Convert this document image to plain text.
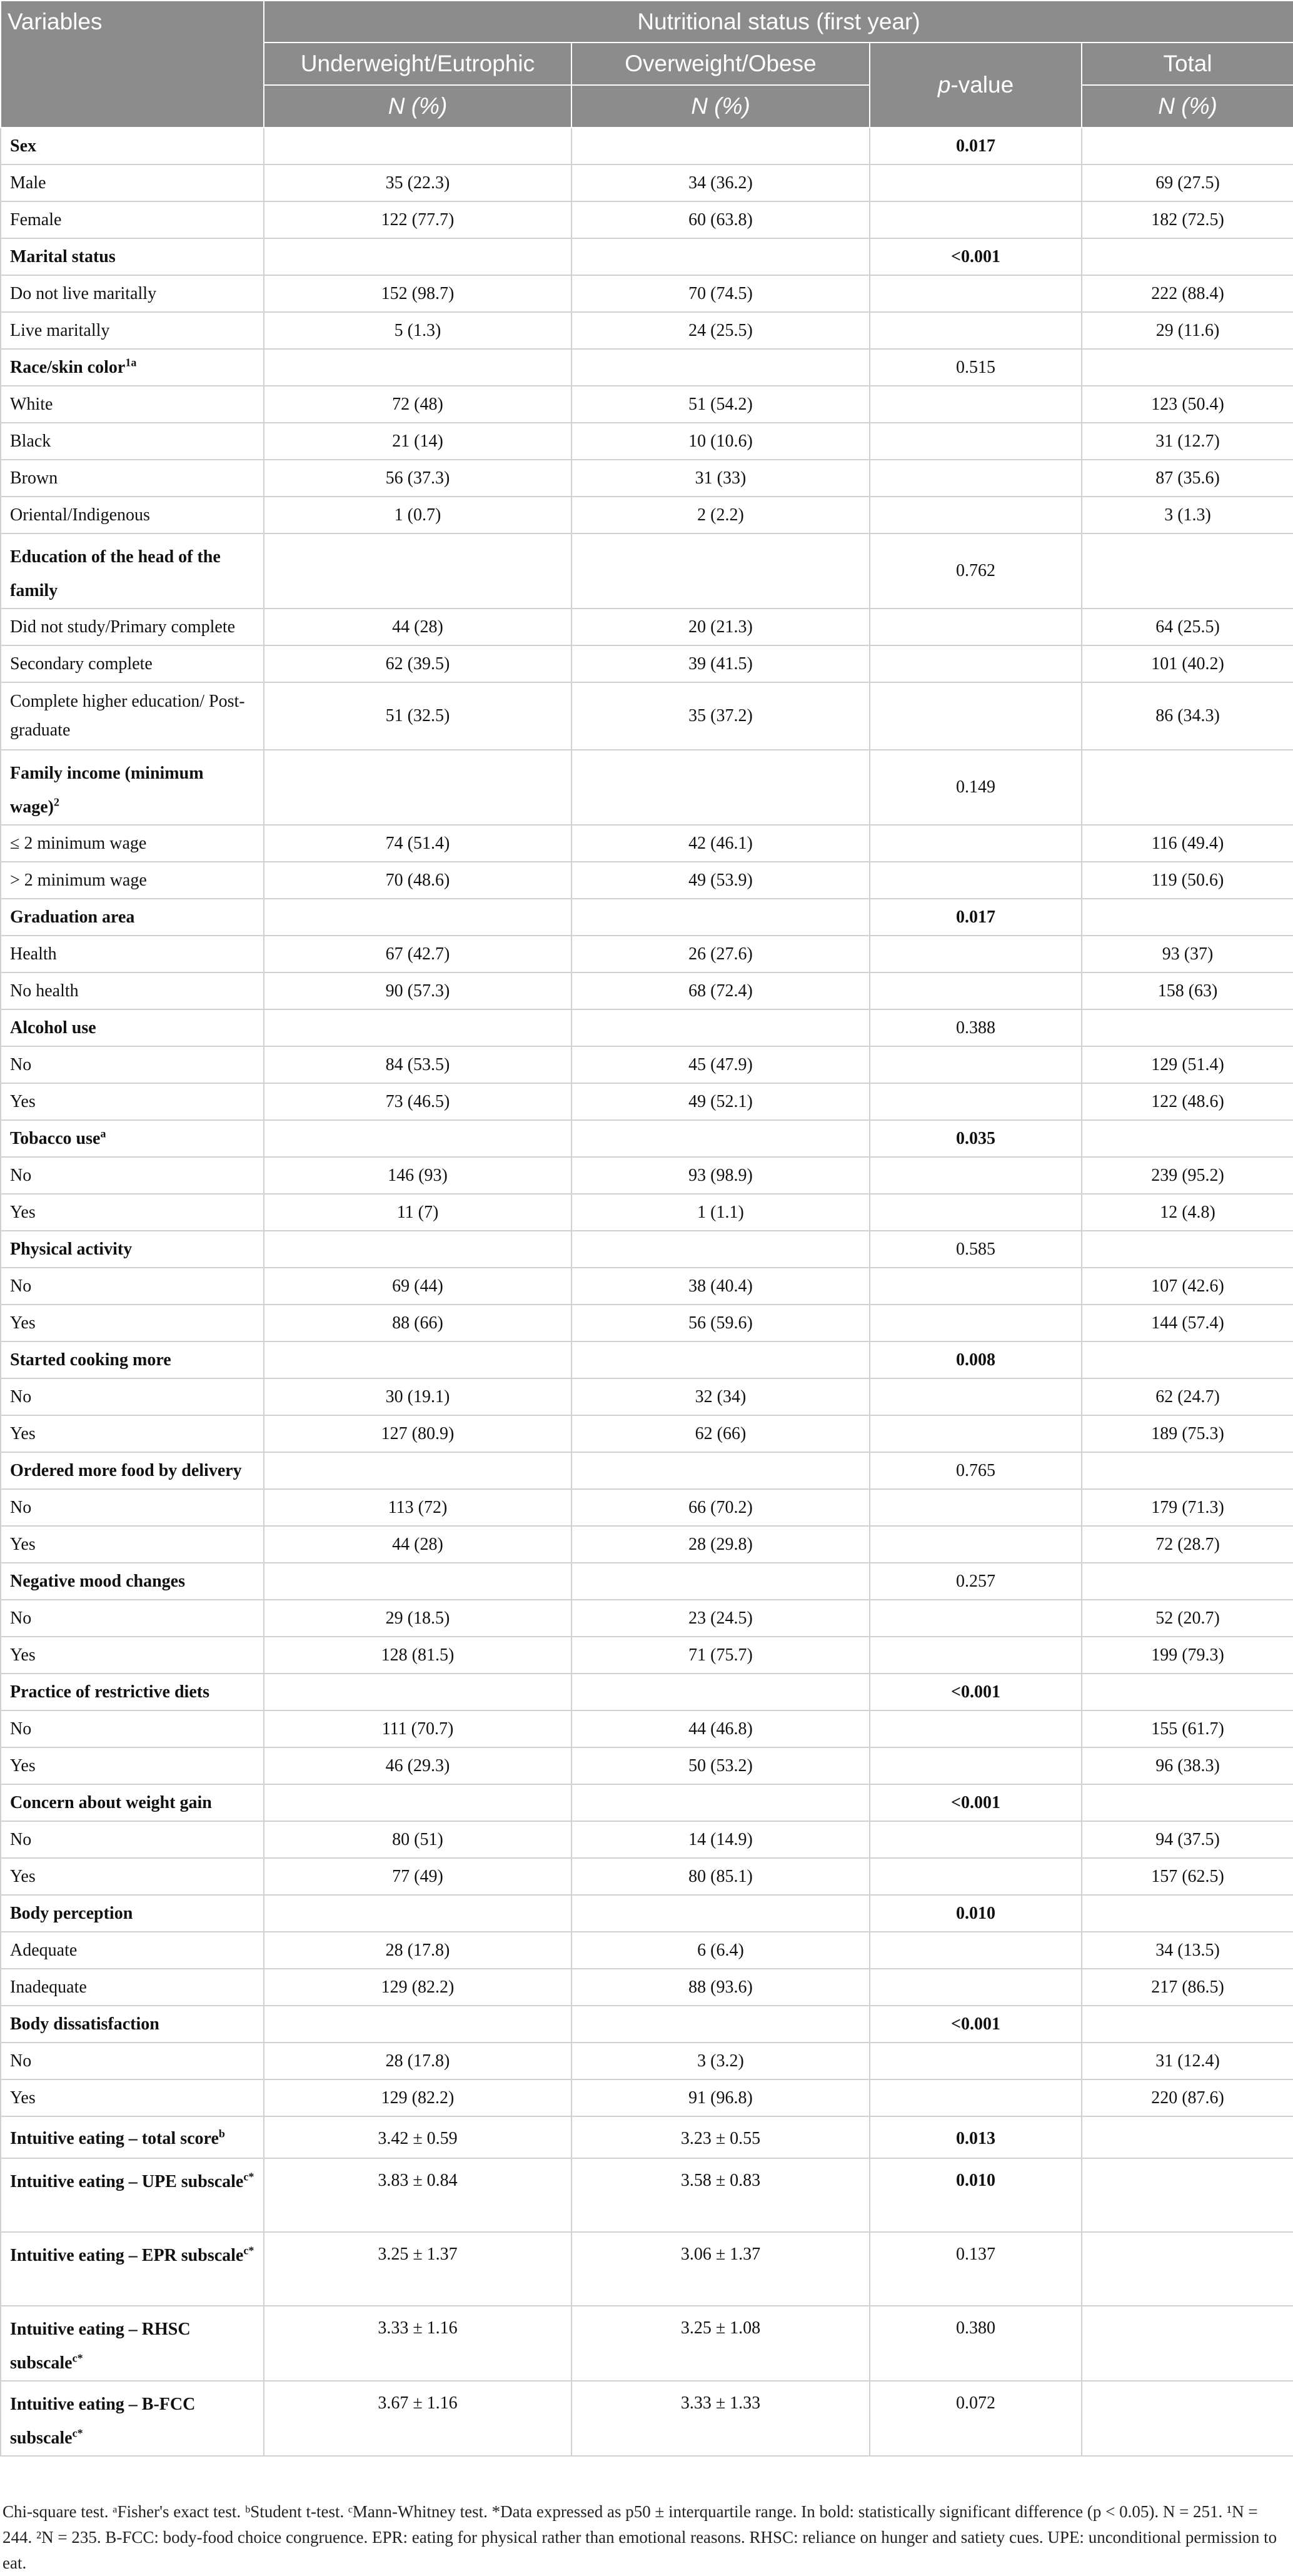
Variables	Nutritional status (first year)			
	Underweight/Eutrophic	Overweight/Obese	p-value	Total
	N (%)	N (%)		N (%)
Sex			0.017	
Male	35 (22.3)	34 (36.2)		69 (27.5)
Female	122 (77.7)	60 (63.8)		182 (72.5)
Marital status			<0.001	
Do not live maritally	152 (98.7)	70 (74.5)		222 (88.4)
Live maritally	5 (1.3)	24 (25.5)		29 (11.6)
Race/skin color$^{1a}$			0.515	
White	72 (48)	51 (54.2)		123 (50.4)
Black	21 (14)	10 (10.6)		31 (12.7)
Brown	56 (37.3)	31 (33)		87 (35.6)
Oriental/Indigenous	1 (0.7)	2 (2.2)		3 (1.3)
Education of the head of the family			0.762	
Did not study/Primary complete	44 (28)	20 (21.3)		64 (25.5)
Secondary complete	62 (39.5)	39 (41.5)		101 (40.2)
Complete higher education/ Post-graduate	51 (32.5)	35 (37.2)		86 (34.3)
Family income (minimum wage)$^2$			0.149	
≤ 2 minimum wage	74 (51.4)	42 (46.1)		116 (49.4)
> 2 minimum wage	70 (48.6)	49 (53.9)		119 (50.6)
Graduation area			0.017	
Health	67 (42.7)	26 (27.6)		93 (37)
No health	90 (57.3)	68 (72.4)		158 (63)
Alcohol use			0.388	
No	84 (53.5)	45 (47.9)		129 (51.4)
Yes	73 (46.5)	49 (52.1)		122 (48.6)
Tobacco use$^a$			0.035	
No	146 (93)	93 (98.9)		239 (95.2)
Yes	11 (7)	1 (1.1)		12 (4.8)
Physical activity			0.585	
No	69 (44)	38 (40.4)		107 (42.6)
Yes	88 (66)	56 (59.6)		144 (57.4)
Started cooking more			0.008	
No	30 (19.1)	32 (34)		62 (24.7)
Yes	127 (80.9)	62 (66)		189 (75.3)
Ordered more food by delivery			0.765	
No	113 (72)	66 (70.2)		179 (71.3)
Yes	44 (28)	28 (29.8)		72 (28.7)
Negative mood changes			0.257	
No	29 (18.5)	23 (24.5)		52 (20.7)
Yes	128 (81.5)	71 (75.7)		199 (79.3)
Practice of restrictive diets			<0.001	
No	111 (70.7)	44 (46.8)		155 (61.7)
Yes	46 (29.3)	50 (53.2)		96 (38.3)
Concern about weight gain			<0.001	
No	80 (51)	14 (14.9)		94 (37.5)
Yes	77 (49)	80 (85.1)		157 (62.5)
Body perception			0.010	
Adequate	28 (17.8)	6 (6.4)		34 (13.5)
Inadequate	129 (82.2)	88 (93.6)		217 (86.5)
Body dissatisfaction			<0.001	
No	28 (17.8)	3 (3.2)		31 (12.4)
Yes	129 (82.2)	91 (96.8)		220 (87.6)
Intuitive eating – total score$^b$	3.42 ± 0.59	3.23 ± 0.55	0.013	
Intuitive eating – UPE subscale$^{c*}$	3.83 ± 0.84	3.58 ± 0.83	0.010	
Intuitive eating – EPR subscale$^{c*}$	3.25 ± 1.37	3.06 ± 1.37	0.137	
Intuitive eating – RHSC subscale$^{c*}$	3.33 ± 1.16	3.25 ± 1.08	0.380	
Intuitive eating – B-FCC subscale$^{c*}$	3.67 ± 1.16	3.33 ± 1.33	0.072	
Chi-square test. ᵃFisher's exact test. ᵇStudent t-test. ᶜMann-Whitney test. *Data expressed as p50 ± interquartile range. In bold: statistically significant difference (p < 0.05). N = 251. ¹N = 244. ²N = 235. B-FCC: body-food choice congruence. EPR: eating for physical rather than emotional reasons. RHSC: reliance on hunger and satiety cues. UPE: unconditional permission to eat.
